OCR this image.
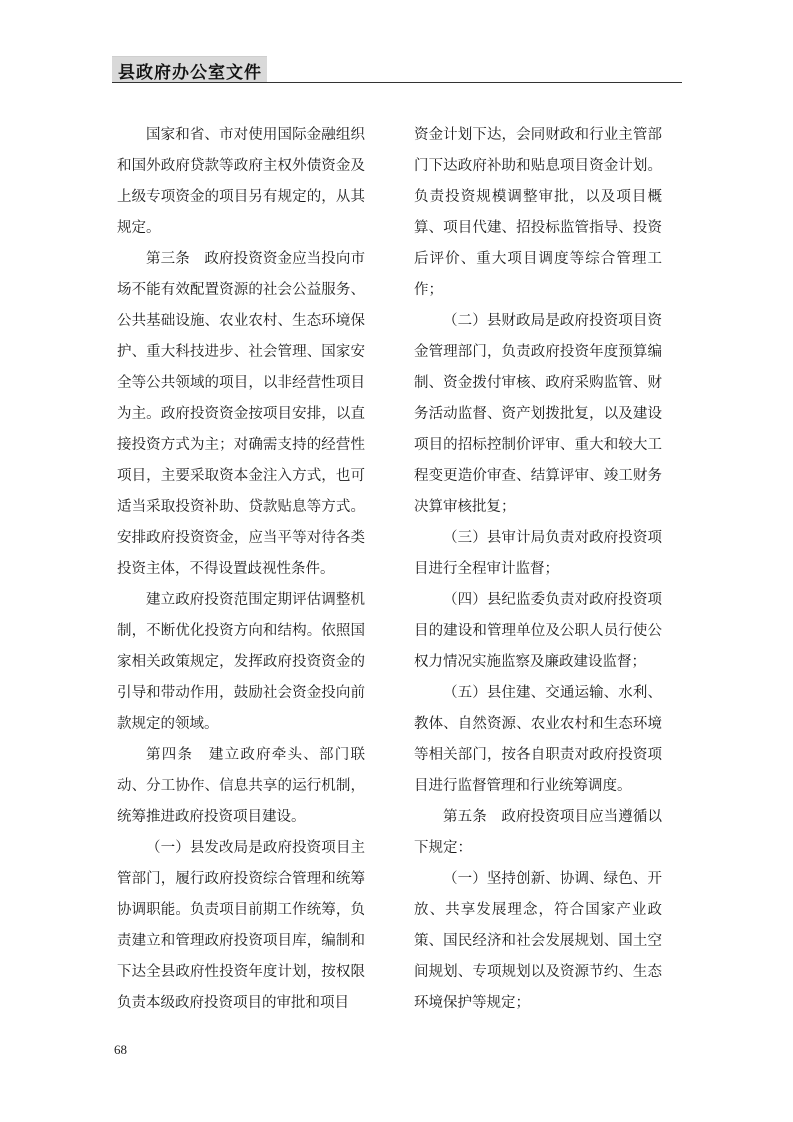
县政府办公室文件

国家和省、市对使用国际金融组织和国外政府贷款等政府主权外债资金及上级专项资金的项目另有规定的，从其规定。

第三条　政府投资资金应当投向市场不能有效配置资源的社会公益服务、公共基础设施、农业农村、生态环境保护、重大科技进步、社会管理、国家安全等公共领域的项目，以非经营性项目为主。政府投资资金按项目安排，以直接投资方式为主；对确需支持的经营性项目，主要采取资本金注入方式，也可适当采取投资补助、贷款贴息等方式。安排政府投资资金，应当平等对待各类投资主体，不得设置歧视性条件。

建立政府投资范围定期评估调整机制，不断优化投资方向和结构。依照国家相关政策规定，发挥政府投资资金的引导和带动作用，鼓励社会资金投向前款规定的领域。

第四条　建立政府牵头、部门联动、分工协作、信息共享的运行机制，统筹推进政府投资项目建设。

（一）县发改局是政府投资项目主管部门，履行政府投资综合管理和统筹协调职能。负责项目前期工作统筹，负责建立和管理政府投资项目库，编制和下达全县政府性投资年度计划，按权限负责本级政府投资项目的审批和项目

资金计划下达，会同财政和行业主管部门下达政府补助和贴息项目资金计划。负责投资规模调整审批，以及项目概算、项目代建、招投标监管指导、投资后评价、重大项目调度等综合管理工作；

（二）县财政局是政府投资项目资金管理部门，负责政府投资年度预算编制、资金拨付审核、政府采购监管、财务活动监督、资产划拨批复，以及建设项目的招标控制价评审、重大和较大工程变更造价审查、结算评审、竣工财务决算审核批复；

（三）县审计局负责对政府投资项目进行全程审计监督；

（四）县纪监委负责对政府投资项目的建设和管理单位及公职人员行使公权力情况实施监察及廉政建设监督；

（五）县住建、交通运输、水利、教体、自然资源、农业农村和生态环境等相关部门，按各自职责对政府投资项目进行监督管理和行业统筹调度。

第五条　政府投资项目应当遵循以下规定：

（一）坚持创新、协调、绿色、开放、共享发展理念，符合国家产业政策、国民经济和社会发展规划、国土空间规划、专项规划以及资源节约、生态环境保护等规定；

68
